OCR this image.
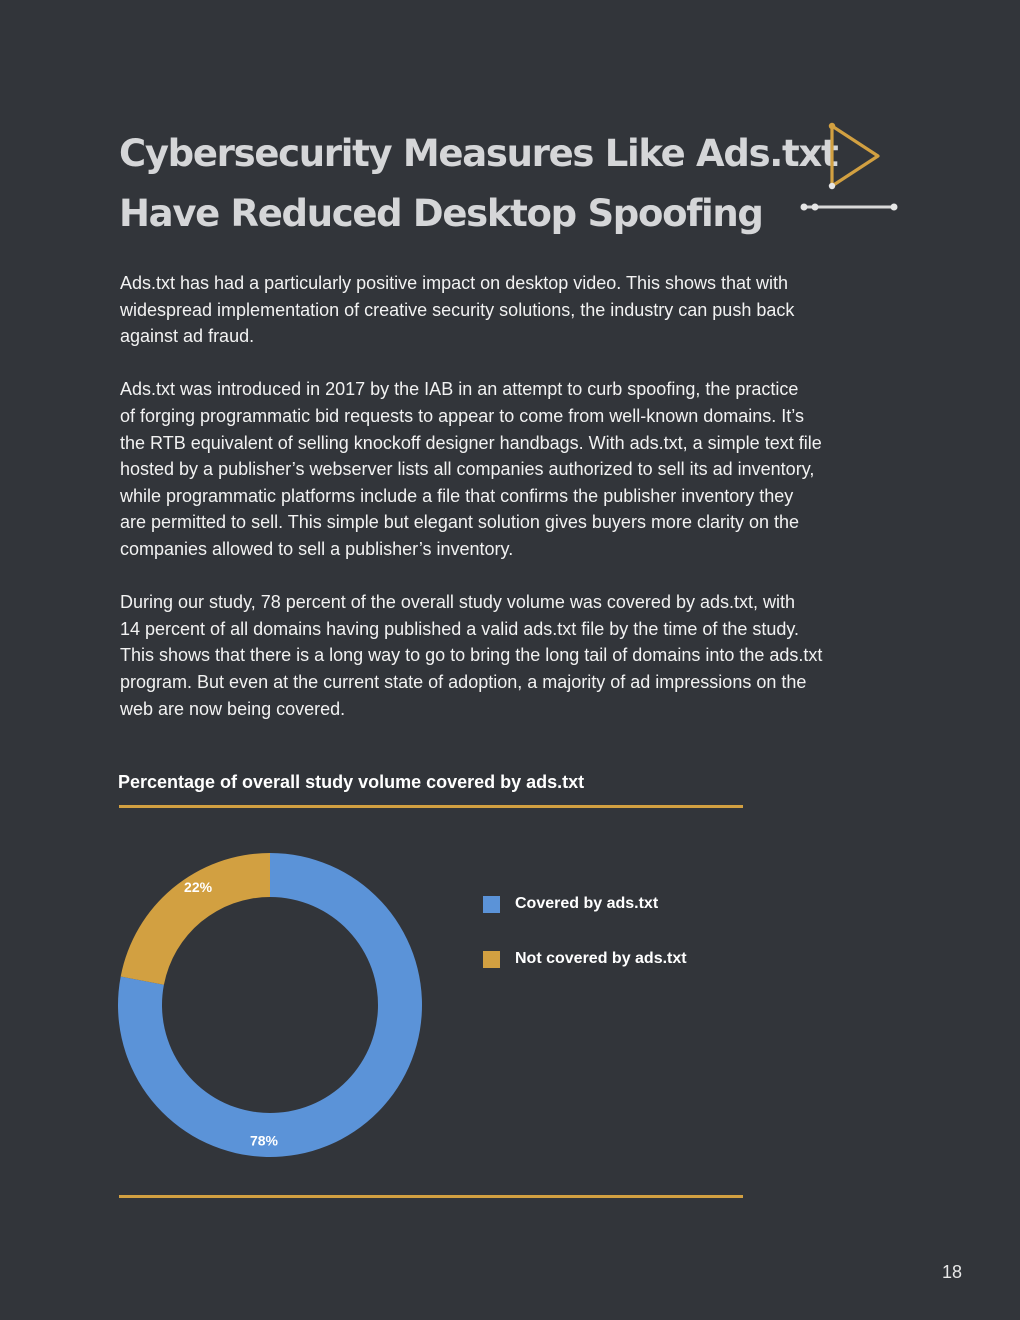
Cybersecurity Measures Like Ads.txt
Have Reduced Desktop Spoofing

Ads.txt has had a particularly positive impact on desktop video. This shows that with
widespread implementation of creative security solutions, the industry can push back
against ad fraud.

Ads.txt was introduced in 2017 by the IAB in an attempt to curb spoofing, the practice
of forging programmatic bid requests to appear to come from well-known domains. It’s
the RTB equivalent of selling knockoff designer handbags. With ads.txt, a simple text file
hosted by a publisher’s webserver lists all companies authorized to sell its ad inventory,
while programmatic platforms include a file that confirms the publisher inventory they
are permitted to sell. This simple but elegant solution gives buyers more clarity on the
companies allowed to sell a publisher’s inventory.

During our study, 78 percent of the overall study volume was covered by ads.txt, with
14 percent of all domains having published a valid ads.txt file by the time of the study.
This shows that there is a long way to go to bring the long tail of domains into the ads.txt
program. But even at the current state of adoption, a majority of ad impressions on the
web are now being covered.

Percentage of overall study volume covered by ads.txt
78%
22%
Covered by ads.txt
Not covered by ads.txt
18
